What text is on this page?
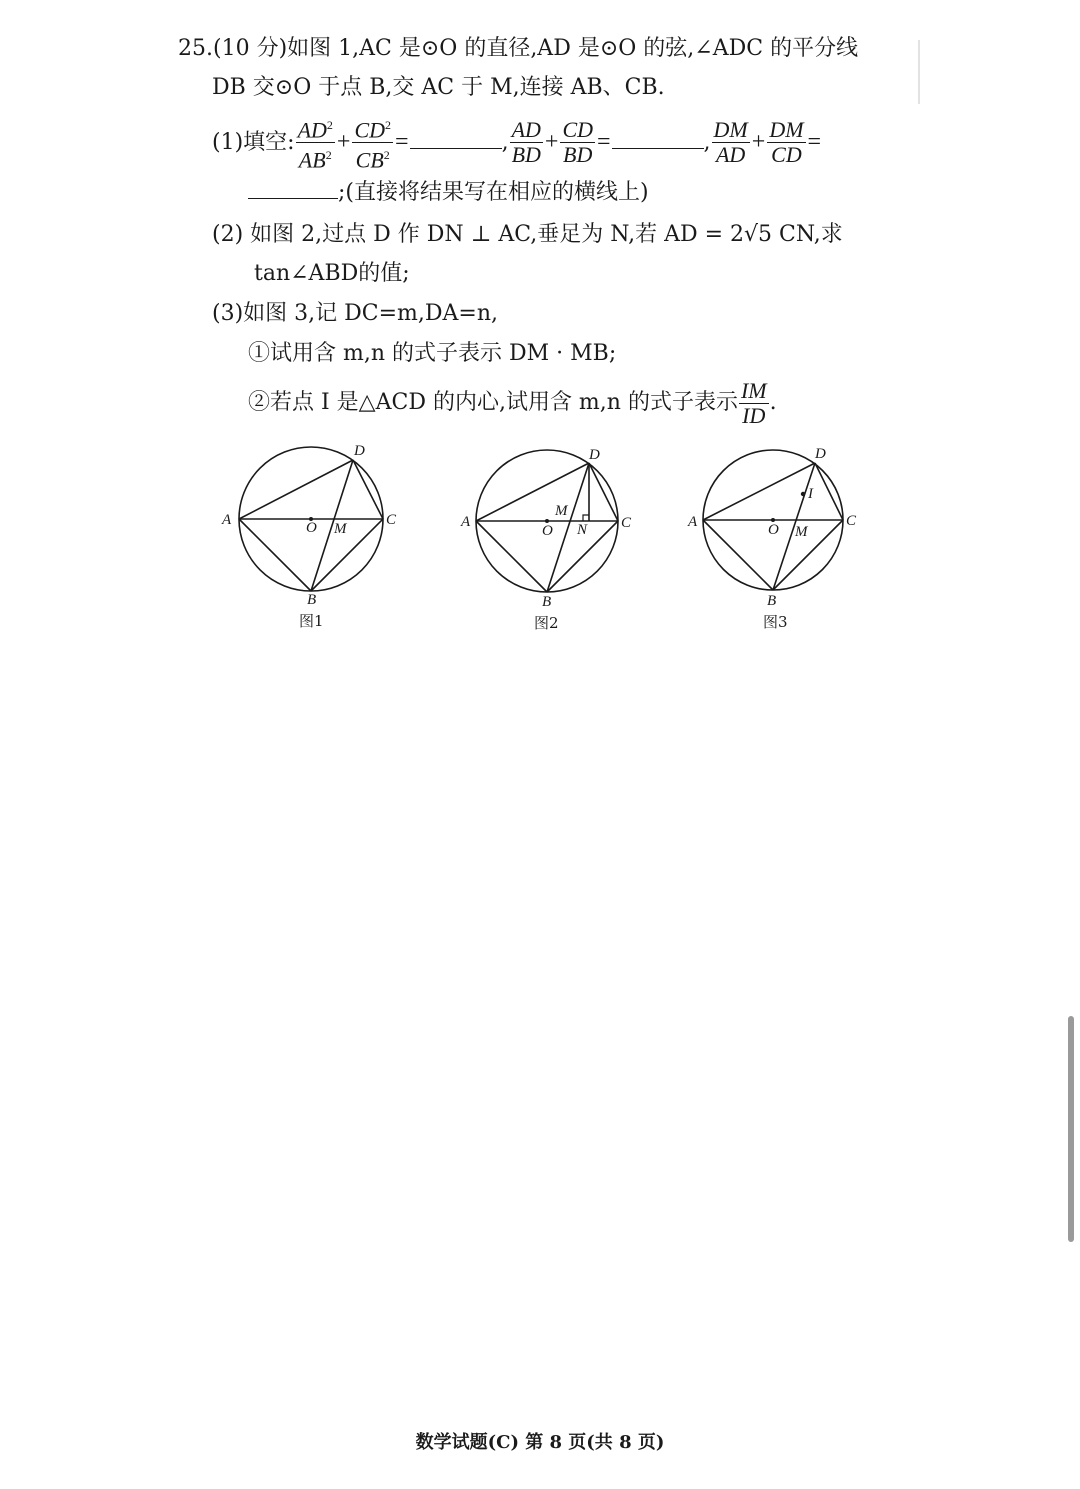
25.(10 分)如图 1,AC 是⊙O 的直径,AD 是⊙O 的弦,∠ADC 的平分线
DB 交⊙O 于点 B,交 AC 于 M,连接 AB、CB.
(1)填空: $\frac{AD^2}{AB^2} + \frac{CD^2}{CB^2}$ =	, $\frac{AD}{BD} + \frac{CD}{BD}$ =	, $\frac{DM}{AD} + \frac{DM}{CD}$ =
;(直接将结果写在相应的横线上)
(2) 如图 2,过点 D 作 DN ⊥ AC,垂足为 N,若 AD = 2√5 CN,求
tan∠ABD的值;
(3)如图 3,记 DC=m,DA=n,
①试用含 m,n 的式子表示 DM · MB;
②若点 I 是△ACD 的内心,试用含 m,n 的式子表示 $\frac{IM}{ID}$ .
A
D
C
O M
B
图1
A
D
C
O
M
N
B
图2
A
D
C
O M
I
B
图3
数学试题(C) 第 8 页(共 8 页)
